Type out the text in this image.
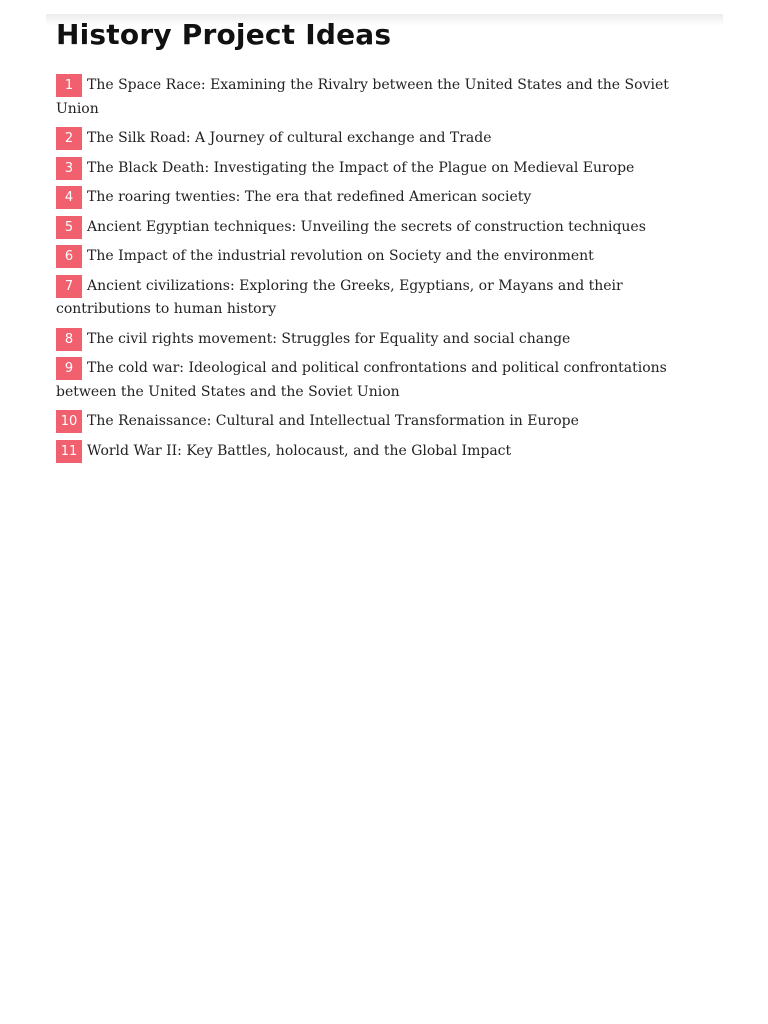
History Project Ideas
1 The Space Race: Examining the Rivalry between the United States and the Soviet Union
2 The Silk Road: A Journey of cultural exchange and Trade
3 The Black Death: Investigating the Impact of the Plague on Medieval Europe
4 The roaring twenties: The era that redefined American society
5 Ancient Egyptian techniques: Unveiling the secrets of construction techniques
6 The Impact of the industrial revolution on Society and the environment
7 Ancient civilizations: Exploring the Greeks, Egyptians, or Mayans and their contributions to human history
8 The civil rights movement: Struggles for Equality and social change
9 The cold war: Ideological and political confrontations and political confrontations between the United States and the Soviet Union
10 The Renaissance: Cultural and Intellectual Transformation in Europe
11 World War II: Key Battles, holocaust, and the Global Impact
